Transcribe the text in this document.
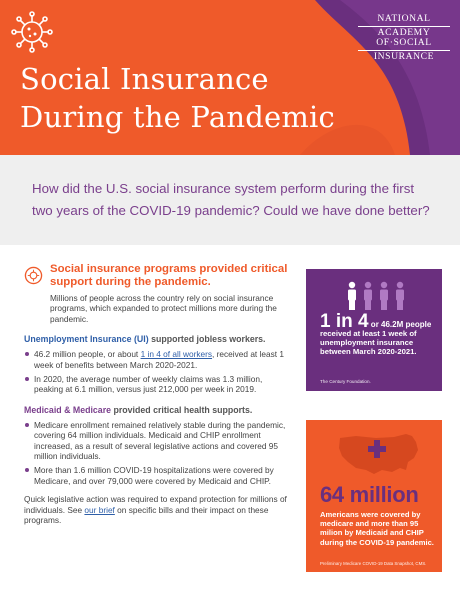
NATIONAL
ACADEMY
OF·SOCIAL
INSURANCE
Social Insurance
During the Pandemic

How did the U.S. social insurance system perform during the first two years of the COVID-19 pandemic? Could we have done better?

Social insurance programs provided critical support during the pandemic.

Millions of people across the country rely on social insurance programs, which expanded to protect millions more during the pandemic.

Unemployment Insurance (UI) supported jobless workers.

46.2 million people, or about 1 in 4 of all workers, received at least 1 week of benefits between March 2020-2021.
In 2020, the average number of weekly claims was 1.3 million, peaking at 6.1 million, versus just 212,000 per week in 2019.

Medicaid & Medicare provided critical health supports.

Medicare enrollment remained relatively stable during the pandemic, covering 64 million individuals. Medicaid and CHIP enrollment increased, as a result of several legislative actions and covered 95 million individuals.
More than 1.6 million COVID-19 hospitalizations were covered by Medicare, and over 79,000 were covered by Medicaid and CHIP.

Quick legislative action was required to expand protection for millions of individuals. See our brief on specific bills and their impact on these programs.

1 in 4 or 46.2M people received at least 1 week of unemployment insurance between March 2020-2021.
The Century Foundation.
64 million
Americans were covered by medicare and more than 95 milion by Medicaid and CHIP during the COVID-19 pandemic.
Preliminary Medicare COVID-19 Data Snapshot, CMS.
